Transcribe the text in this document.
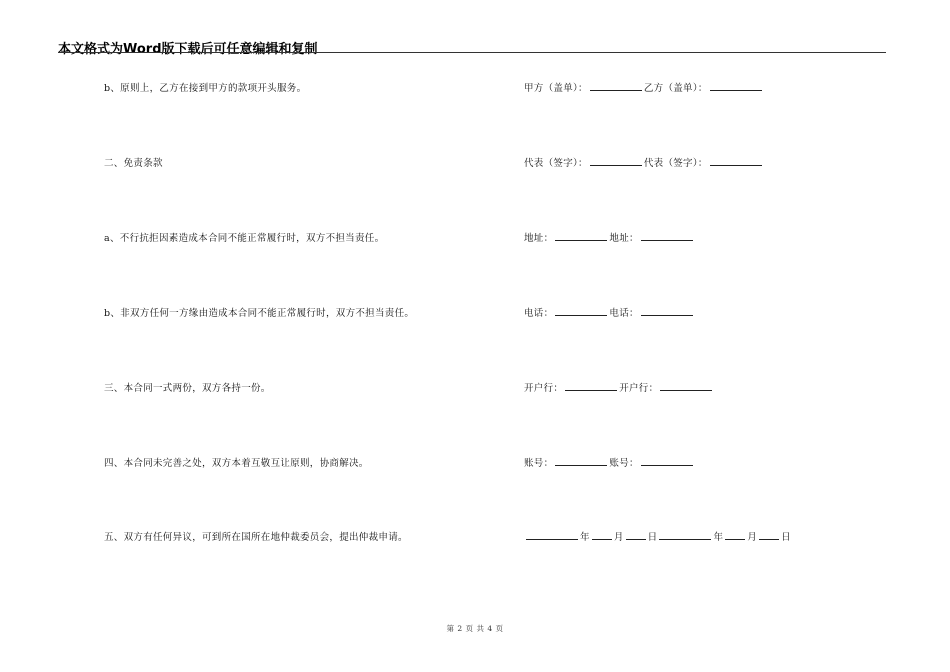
本文格式为Word版下载后可任意编辑和复制
b、原则上，乙方在接到甲方的款项开头服务。
二、免责条款
a、不行抗拒因素造成本合同不能正常履行时，双方不担当责任。
b、非双方任何一方缘由造成本合同不能正常履行时，双方不担当责任。
三、本合同一式两份，双方各持一份。
四、本合同未完善之处，双方本着互敬互让原则，协商解决。
五、双方有任何异议，可到所在国所在地仲裁委员会，提出仲裁申请。
甲方（盖单）：	乙方（盖单）：
代表（签字）：	代表（签字）：
地址：	地址：
电话：	电话：
开户行：	开户行：
账号：	账号：
年	月	日	年	月	日
第 2 页 共 4 页
